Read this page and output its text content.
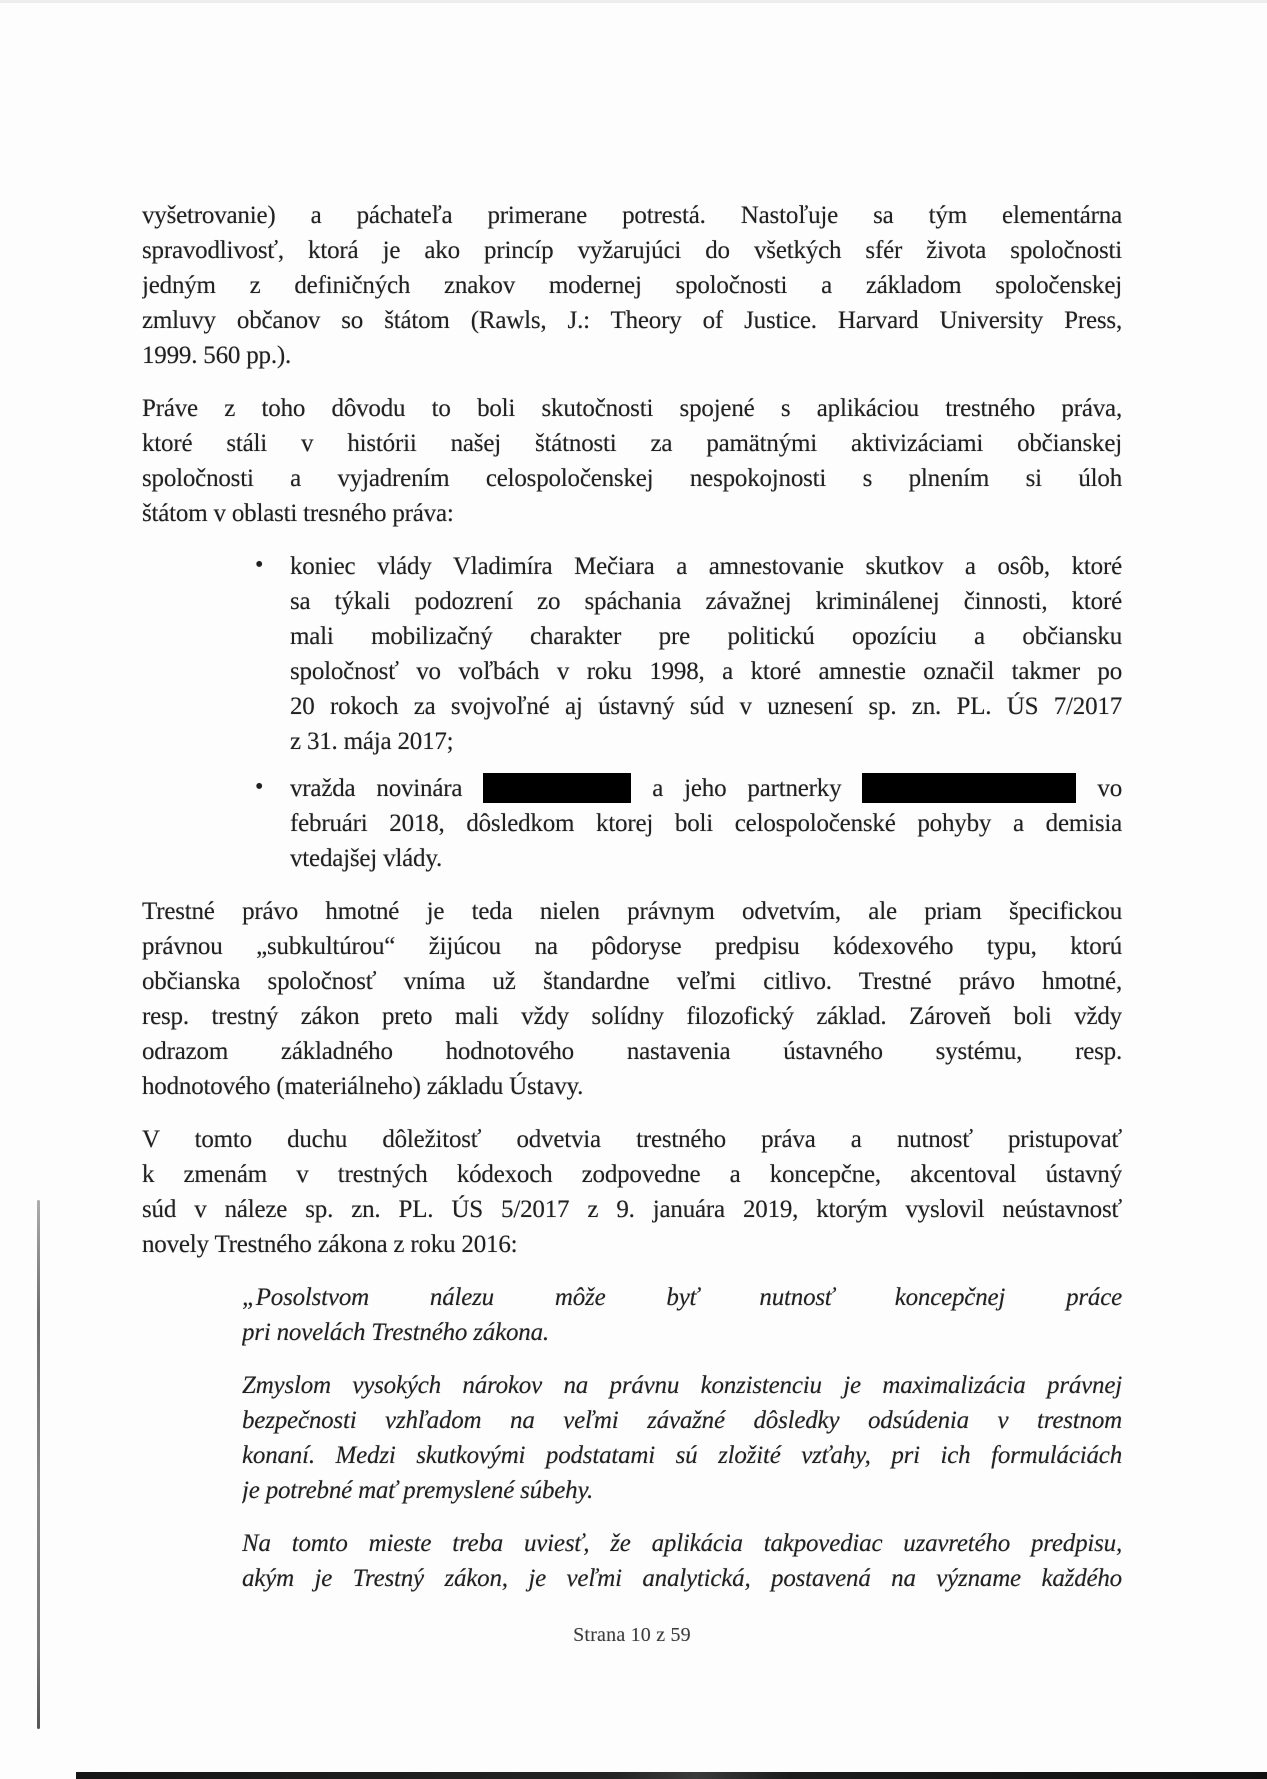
vyšetrovanie) a páchateľa primerane potrestá. Nastoľuje sa tým elementárna
spravodlivosť, ktorá je ako princíp vyžarujúci do všetkých sfér života spoločnosti
jedným z definičných znakov modernej spoločnosti a základom spoločenskej
zmluvy občanov so štátom (Rawls, J.: Theory of Justice. Harvard University Press,
1999. 560 pp.).
Práve z toho dôvodu to boli skutočnosti spojené s aplikáciou trestného práva,
ktoré stáli v histórii našej štátnosti za pamätnými aktivizáciami občianskej
spoločnosti a vyjadrením celospoločenskej nespokojnosti s plnením si úloh
štátom v oblasti tresného práva:
• koniec vlády Vladimíra Mečiara a amnestovanie skutkov a osôb, ktoré
sa týkali podozrení zo spáchania závažnej kriminálenej činnosti, ktoré
mali mobilizačný charakter pre politickú opozíciu a občiansku
spoločnosť vo voľbách v roku 1998, a ktoré amnestie označil takmer po
20 rokoch za svojvoľné aj ústavný súd v uznesení sp. zn. PL. ÚS 7/2017
z 31. mája 2017;
• vražda novinára	a jeho partnerky	vo
februári 2018, dôsledkom ktorej boli celospoločenské pohyby a demisia
vtedajšej vlády.
Trestné právo hmotné je teda nielen právnym odvetvím, ale priam špecifickou
právnou „subkultúrou“ žijúcou na pôdoryse predpisu kódexového typu, ktorú
občianska spoločnosť vníma už štandardne veľmi citlivo. Trestné právo hmotné,
resp. trestný zákon preto mali vždy solídny filozofický základ. Zároveň boli vždy
odrazom základného hodnotového nastavenia ústavného systému, resp.
hodnotového (materiálneho) základu Ústavy.
V tomto duchu dôležitosť odvetvia trestného práva a nutnosť pristupovať
k zmenám v trestných kódexoch zodpovedne a koncepčne, akcentoval ústavný
súd v náleze sp. zn. PL. ÚS 5/2017 z 9. januára 2019, ktorým vyslovil neústavnosť
novely Trestného zákona z roku 2016:
„Posolstvom nálezu môže byť nutnosť koncepčnej práce
pri novelách Trestného zákona.
Zmyslom vysokých nárokov na právnu konzistenciu je maximalizácia právnej
bezpečnosti vzhľadom na veľmi závažné dôsledky odsúdenia v trestnom
konaní. Medzi skutkovými podstatami sú zložité vzťahy, pri ich formuláciách
je potrebné mať premyslené súbehy.
Na tomto mieste treba uviesť, že aplikácia takpovediac uzavretého predpisu,
akým je Trestný zákon, je veľmi analytická, postavená na význame každého
Strana 10 z 59
